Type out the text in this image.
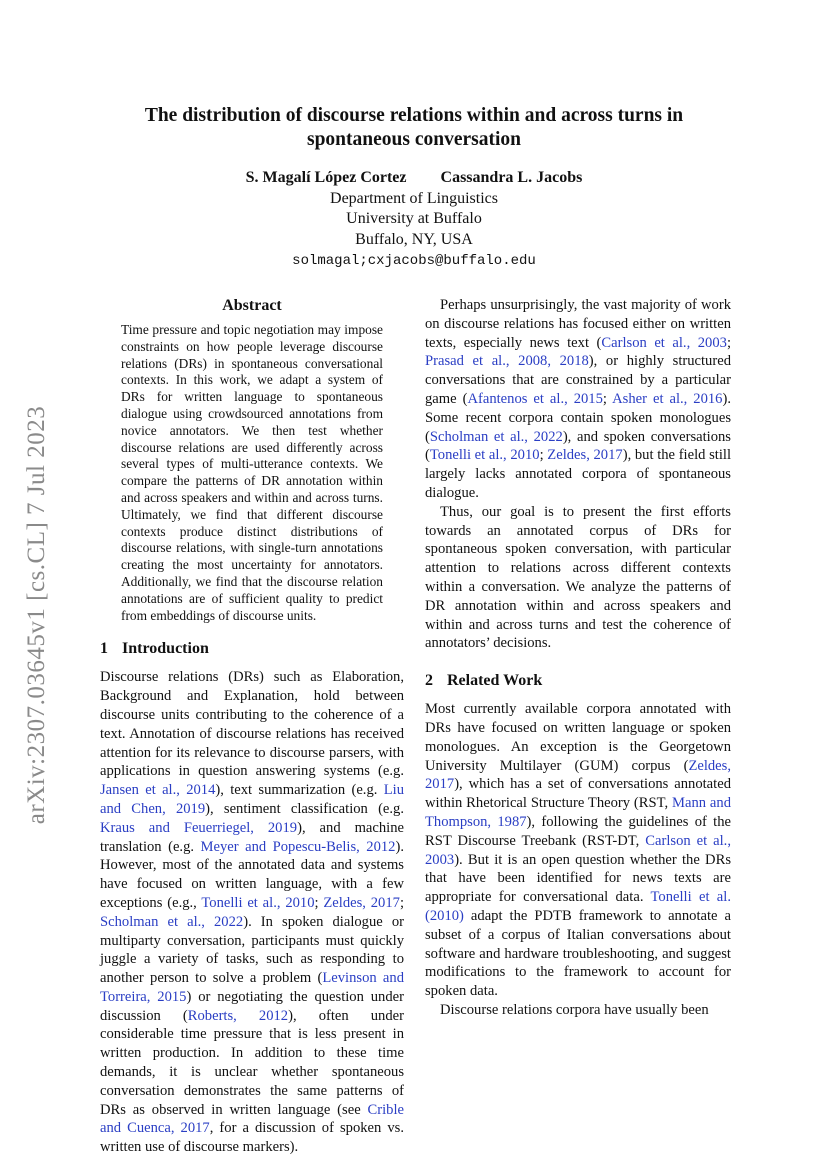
arXiv:2307.03645v1 [cs.CL] 7 Jul 2023
The distribution of discourse relations within and across turns in spontaneous conversation
S. Magalí López Cortez Cassandra L. Jacobs
Department of Linguistics
University at Buffalo
Buffalo, NY, USA
solmagal;cxjacobs@buffalo.edu
Abstract

Time pressure and topic negotiation may impose constraints on how people leverage discourse relations (DRs) in spontaneous conversational contexts. In this work, we adapt a system of DRs for written language to spontaneous dialogue using crowdsourced annotations from novice annotators. We then test whether discourse relations are used differently across several types of multi-utterance contexts. We compare the patterns of DR annotation within and across speakers and within and across turns. Ultimately, we find that different discourse contexts produce distinct distributions of discourse relations, with single-turn annotations creating the most uncertainty for annotators. Additionally, we find that the discourse relation annotations are of sufficient quality to predict from embeddings of discourse units.

1 Introduction

Discourse relations (DRs) such as Elaboration, Background and Explanation, hold between discourse units contributing to the coherence of a text. Annotation of discourse relations has received attention for its relevance to discourse parsers, with applications in question answering systems (e.g. Jansen et al., 2014), text summarization (e.g. Liu and Chen, 2019), sentiment classification (e.g. Kraus and Feuerriegel, 2019), and machine translation (e.g. Meyer and Popescu-Belis, 2012). However, most of the annotated data and systems have focused on written language, with a few exceptions (e.g., Tonelli et al., 2010; Zeldes, 2017; Scholman et al., 2022). In spoken dialogue or multiparty conversation, participants must quickly juggle a variety of tasks, such as responding to another person to solve a problem (Levinson and Torreira, 2015) or negotiating the question under discussion (Roberts, 2012), often under considerable time pressure that is less present in written production. In addition to these time demands, it is unclear whether spontaneous conversation demonstrates the same patterns of DRs as observed in written language (see Crible and Cuenca, 2017, for a discussion of spoken vs. written use of discourse markers).

Perhaps unsurprisingly, the vast majority of work on discourse relations has focused either on written texts, especially news text (Carlson et al., 2003; Prasad et al., 2008, 2018), or highly structured conversations that are constrained by a particular game (Afantenos et al., 2015; Asher et al., 2016). Some recent corpora contain spoken monologues (Scholman et al., 2022), and spoken conversations (Tonelli et al., 2010; Zeldes, 2017), but the field still largely lacks annotated corpora of spontaneous dialogue.

Thus, our goal is to present the first efforts towards an annotated corpus of DRs for spontaneous spoken conversation, with particular attention to relations across different contexts within a conversation. We analyze the patterns of DR annotation within and across speakers and within and across turns and test the coherence of annotators’ decisions.

2 Related Work

Most currently available corpora annotated with DRs have focused on written language or spoken monologues. An exception is the Georgetown University Multilayer (GUM) corpus (Zeldes, 2017), which has a set of conversations annotated within Rhetorical Structure Theory (RST, Mann and Thompson, 1987), following the guidelines of the RST Discourse Treebank (RST-DT, Carlson et al., 2003). But it is an open question whether the DRs that have been identified for news texts are appropriate for conversational data. Tonelli et al. (2010) adapt the PDTB framework to annotate a subset of a corpus of Italian conversations about software and hardware troubleshooting, and suggest modifications to the framework to account for spoken data.

Discourse relations corpora have usually been
